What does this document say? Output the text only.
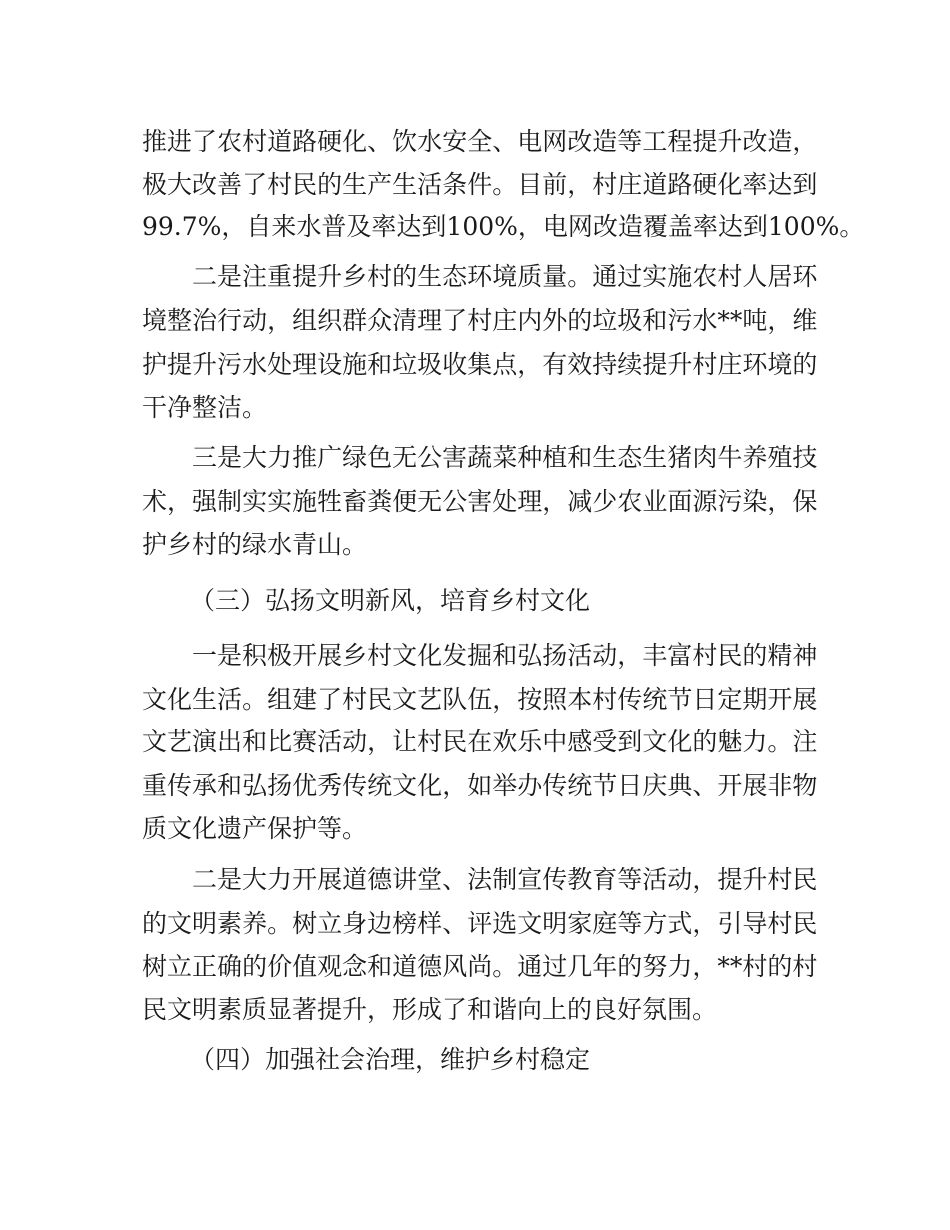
推 进 了 农 村 道 路 硬 化 、 饮 水 安 全 、 电 网 改 造 等 工 程 提 升 改 造 ，
极 大 改 善 了 村 民 的 生 产 生 活 条 件 。 目 前 ， 村 庄 道 路 硬 化 率 达 到
99.7%，自来水普及率达到100%，电网改造覆盖率达到100%。
二 是 注 重 提 升 乡 村 的 生 态 环 境 质 量 。 通 过 实 施 农 村 人 居 环
境 整 治 行 动 ， 组 织 群 众 清 理 了 村 庄 内 外 的 垃 圾 和 污 水 * * 吨 ， 维
护 提 升 污 水 处 理 设 施 和 垃 圾 收 集 点 ， 有 效 持 续 提 升 村 庄 环 境 的
干净整洁。
三 是 大 力 推 广 绿 色 无 公 害 蔬 菜 种 植 和 生 态 生 猪 肉 牛 养 殖 技
术 ， 强 制 实 实 施 牲 畜 粪 便 无 公 害 处 理 ， 减 少 农 业 面 源 污 染 ， 保
护乡村的绿水青山。
（三）弘扬文明新风，培育乡村文化
一 是 积 极 开 展 乡 村 文 化 发 掘 和 弘 扬 活 动 ， 丰 富 村 民 的 精 神
文 化 生 活 。 组 建 了 村 民 文 艺 队 伍 ， 按 照 本 村 传 统 节 日 定 期 开 展
文 艺 演 出 和 比 赛 活 动 ， 让 村 民 在 欢 乐 中 感 受 到 文 化 的 魅 力 。 注
重 传 承 和 弘 扬 优 秀 传 统 文 化 ， 如 举 办 传 统 节 日 庆 典 、 开 展 非 物
质文化遗产保护等。
二 是 大 力 开 展 道 德 讲 堂 、 法 制 宣 传 教 育 等 活 动 ， 提 升 村 民
的 文 明 素 养 。 树 立 身 边 榜 样 、 评 选 文 明 家 庭 等 方 式 ， 引 导 村 民
树 立 正 确 的 价 值 观 念 和 道 德 风 尚 。 通 过 几 年 的 努 力 ， * * 村 的 村
民文明素质显著提升，形成了和谐向上的良好氛围。
（四）加强社会治理，维护乡村稳定
